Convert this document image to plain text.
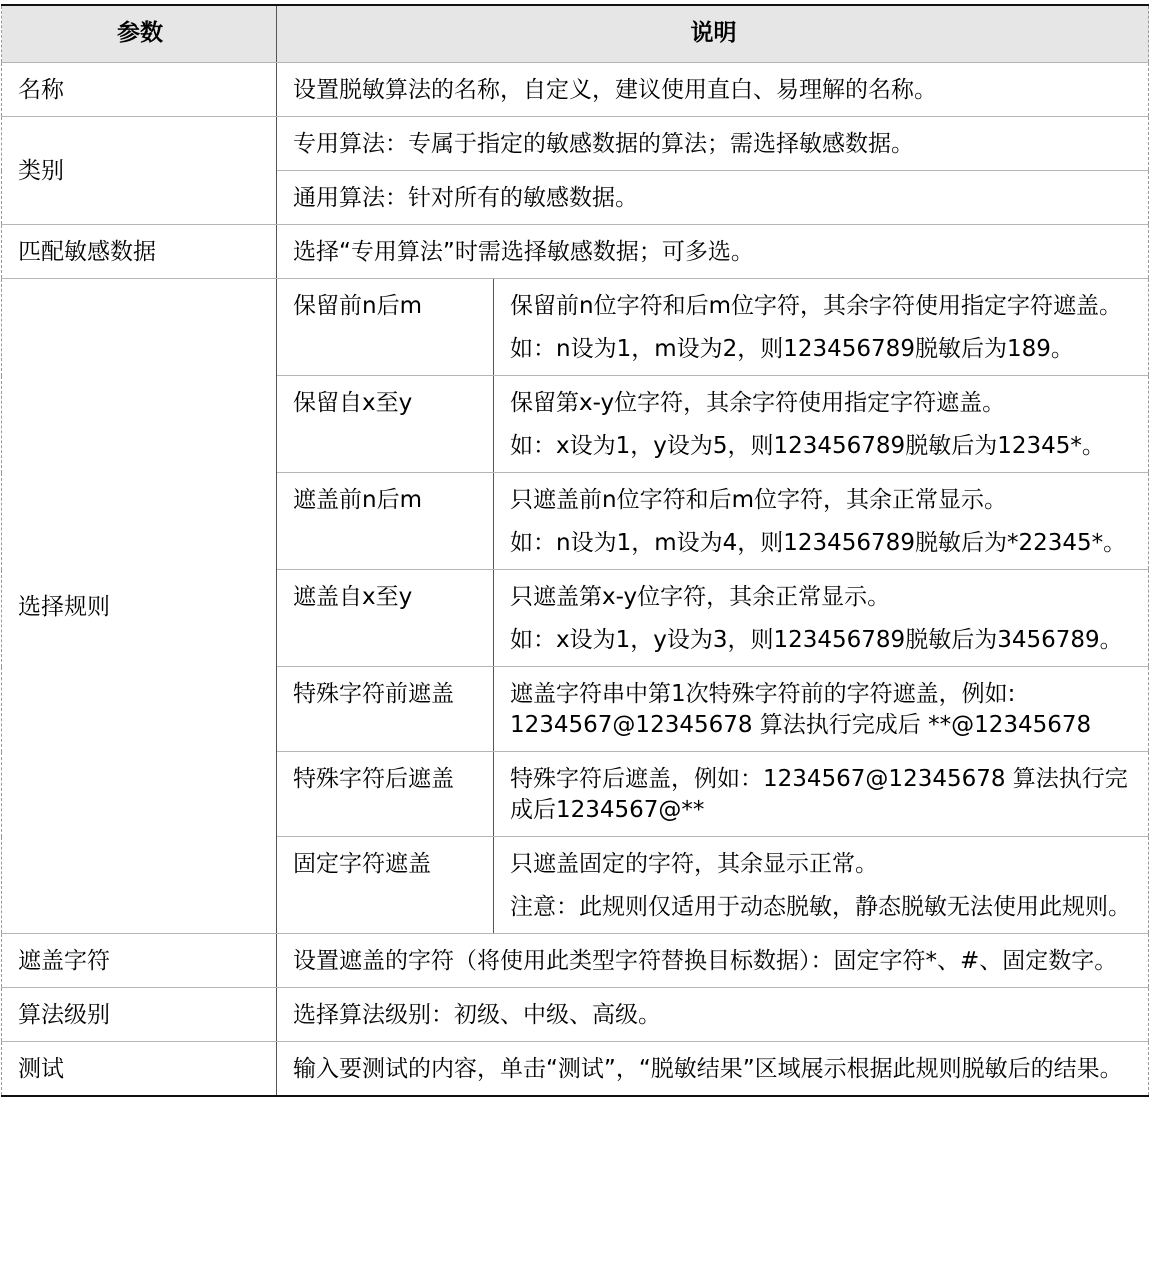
参数	说明	
名称	设置脱敏算法的名称，自定义，建议使用直白、易理解的名称。	
类别	专用算法：专属于指定的敏感数据的算法；需选择敏感数据。	
	通用算法：针对所有的敏感数据。	
匹配敏感数据	选择“专用算法”时需选择敏感数据；可多选。	
选择规则	保留前n后m	保留前n位字符和后m位字符，其余字符使用指定字符遮盖。
如：n设为1，m设为2，则123456789脱敏后为189。

	保留自x至y	保留第x-y位字符，其余字符使用指定字符遮盖。
如：x设为1，y设为5，则123456789脱敏后为12345*。

	遮盖前n后m	只遮盖前n位字符和后m位字符，其余正常显示。
如：n设为1，m设为4，则123456789脱敏后为*22345*。

	遮盖自x至y	只遮盖第x-y位字符，其余正常显示。
如：x设为1，y设为3，则123456789脱敏后为3456789。

	特殊字符前遮盖	遮盖字符串中第1次特殊字符前的字符遮盖，例如: 1234567@12345678 算法执行完成后 **@12345678

	特殊字符后遮盖	特殊字符后遮盖，例如：1234567@12345678 算法执行完成后1234567@**

	固定字符遮盖	只遮盖固定的字符，其余显示正常。
注意：此规则仅适用于动态脱敏，静态脱敏无法使用此规则。

遮盖字符	设置遮盖的字符（将使用此类型字符替换目标数据）：固定字符*、#、固定数字。	
算法级别	选择算法级别：初级、中级、高级。	
测试	输入要测试的内容，单击“测试”，“脱敏结果”区域展示根据此规则脱敏后的结果。	
